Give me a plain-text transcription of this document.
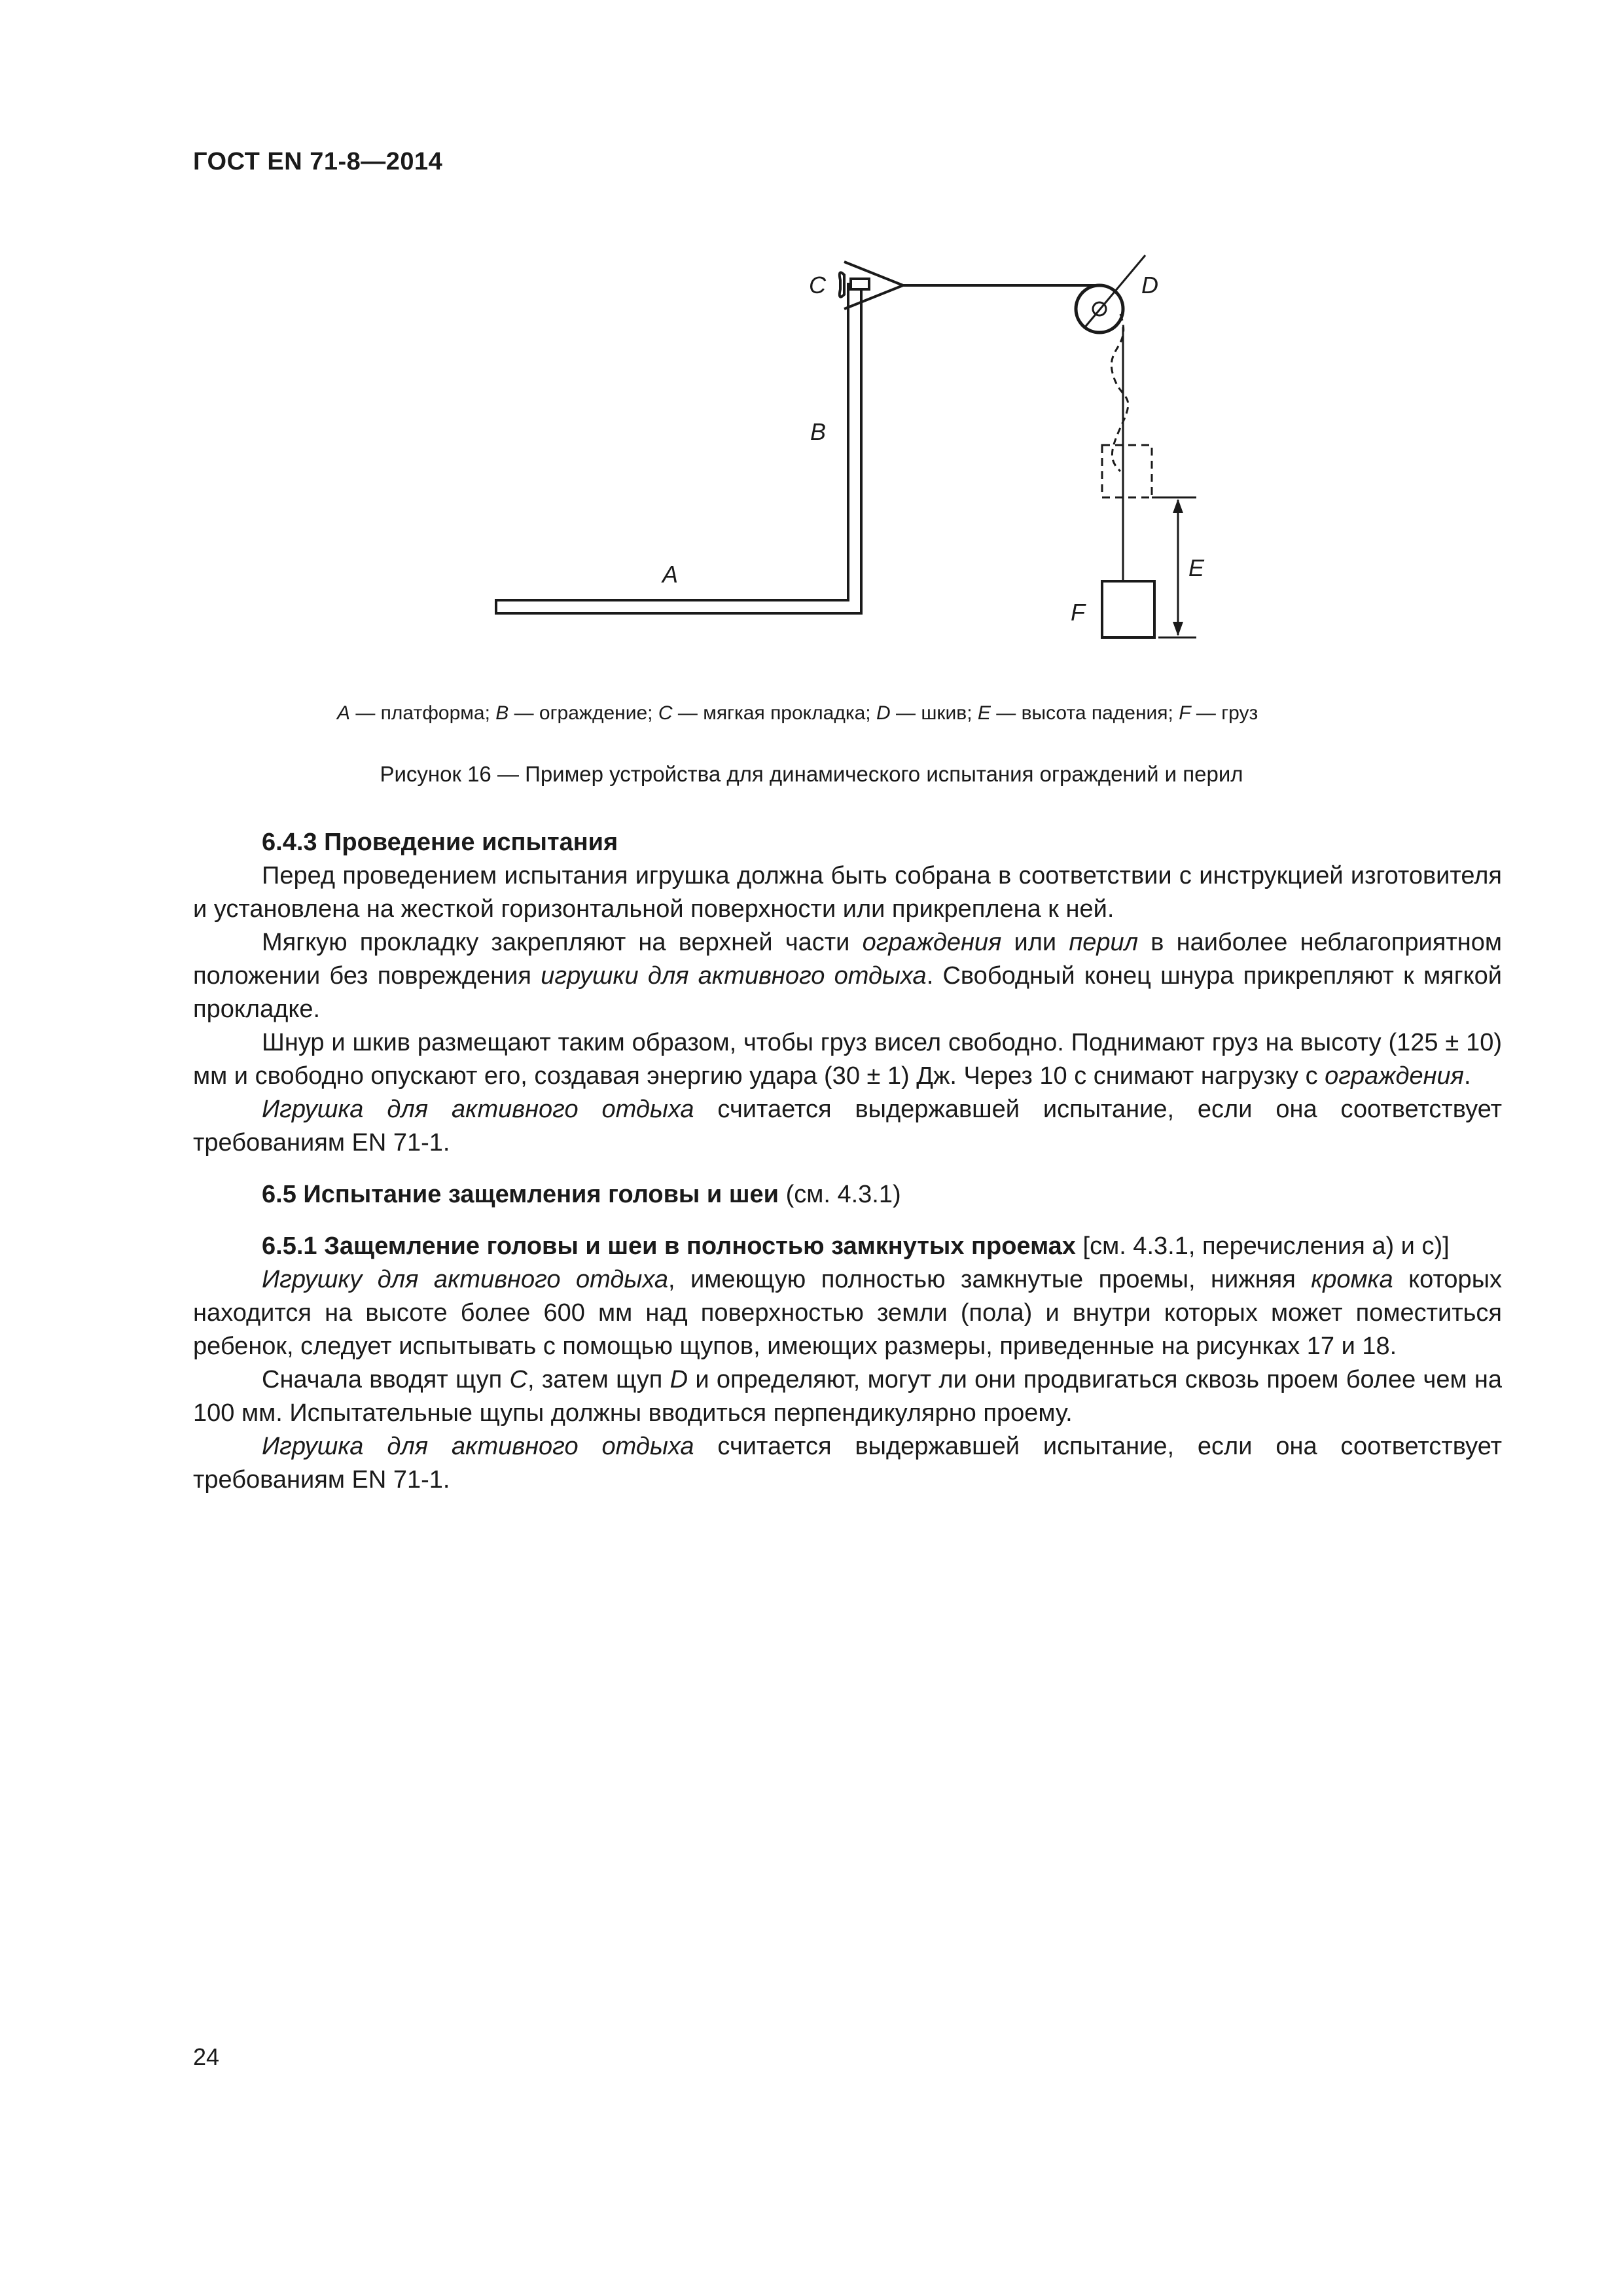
ГОСТ EN 71-8—2014
C	D
B
A	E
F
A — платформа; B — ограждение; C — мягкая прокладка; D — шкив; E — высота падения; F — груз
Рисунок 16 — Пример устройства для динамического испытания ограждений и перил

6.4.3 Проведение испытания

Перед проведением испытания игрушка должна быть собрана в соответствии с инструкцией изготовителя и установлена на жесткой горизонтальной поверхности или прикреплена к ней.

Мягкую прокладку закрепляют на верхней части ограждения или перил в наиболее неблагоприятном положении без повреждения игрушки для активного отдыха. Свободный конец шнура прикрепляют к мягкой прокладке.

Шнур и шкив размещают таким образом, чтобы груз висел свободно. Поднимают груз на высоту (125 ± 10) мм и свободно опускают его, создавая энергию удара (30 ± 1) Дж. Через 10 с снимают нагрузку с ограждения.

Игрушка для активного отдыха считается выдержавшей испытание, если она соответствует требованиям EN 71-1.

6.5 Испытание защемления головы и шеи (см. 4.3.1)

6.5.1 Защемление головы и шеи в полностью замкнутых проемах [см. 4.3.1, перечисления а) и с)]

Игрушку для активного отдыха, имеющую полностью замкнутые проемы, нижняя кромка которых находится на высоте более 600 мм над поверхностью земли (пола) и внутри которых может поместиться ребенок, следует испытывать с помощью щупов, имеющих размеры, приведенные на рисунках 17 и 18.

Сначала вводят щуп C, затем щуп D и определяют, могут ли они продвигаться сквозь проем более чем на 100 мм. Испытательные щупы должны вводиться перпендикулярно проему.

Игрушка для активного отдыха считается выдержавшей испытание, если она соответствует требованиям EN 71-1.

24
